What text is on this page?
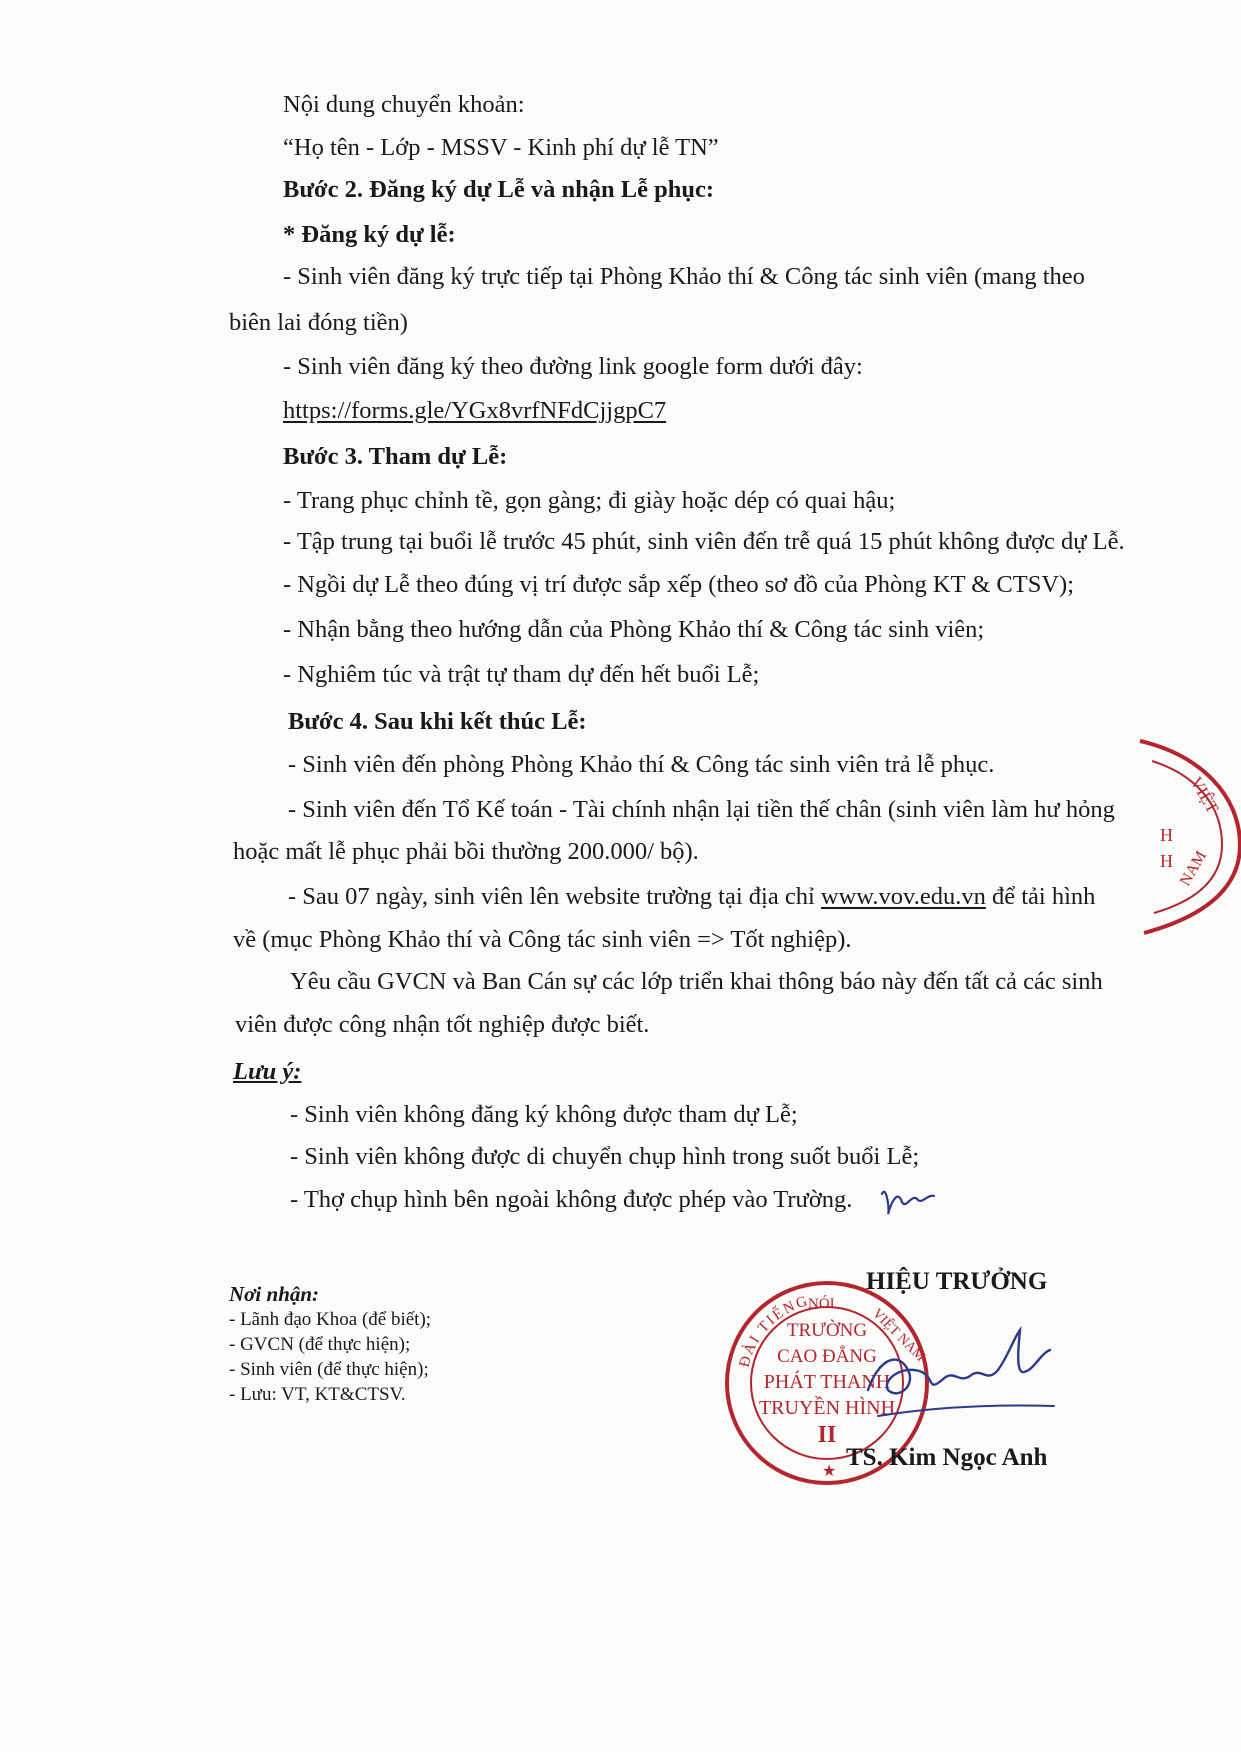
Nội dung chuyển khoản:
“Họ tên - Lớp - MSSV - Kinh phí dự lễ TN”
Bước 2. Đăng ký dự Lễ và nhận Lễ phục:
* Đăng ký dự lễ:
- Sinh viên đăng ký trực tiếp tại Phòng Khảo thí & Công tác sinh viên (mang theo
biên lai đóng tiền)
- Sinh viên đăng ký theo đường link google form dưới đây:
https://forms.gle/YGx8vrfNFdCjjgpC7
Bước 3. Tham dự Lễ:
- Trang phục chỉnh tề, gọn gàng; đi giày hoặc dép có quai hậu;
- Tập trung tại buổi lễ trước 45 phút, sinh viên đến trễ quá 15 phút không được dự Lễ.
- Ngồi dự Lễ theo đúng vị trí được sắp xếp (theo sơ đồ của Phòng KT & CTSV);
- Nhận bằng theo hướng dẫn của Phòng Khảo thí & Công tác sinh viên;
- Nghiêm túc và trật tự tham dự đến hết buổi Lễ;
Bước 4. Sau khi kết thúc Lễ:
- Sinh viên đến phòng Phòng Khảo thí & Công tác sinh viên trả lễ phục.
- Sinh viên đến Tổ Kế toán - Tài chính nhận lại tiền thế chân (sinh viên làm hư hỏng
hoặc mất lễ phục phải bồi thường 200.000/ bộ).
- Sau 07 ngày, sinh viên lên website trường tại địa chỉ www.vov.edu.vn để tải hình
về (mục Phòng Khảo thí và Công tác sinh viên => Tốt nghiệp).
Yêu cầu GVCN và Ban Cán sự các lớp triển khai thông báo này đến tất cả các sinh
viên được công nhận tốt nghiệp được biết.
Lưu ý:
- Sinh viên không đăng ký không được tham dự Lễ;
- Sinh viên không được di chuyển chụp hình trong suốt buổi Lễ;
- Thợ chụp hình bên ngoài không được phép vào Trường.
Nơi nhận:
- Lãnh đạo Khoa (để biết);
- GVCN (để thực hiện);
- Sinh viên (để thực hiện);
- Lưu: VT, KT&CTSV.
VIỆT
H
H NAM
ĐÀI TIẾNG
NÓI
VIỆT NAM
TRƯỜNG
CAO ĐẲNG
PHÁT THANH
TRUYỀN HÌNH
II
★
HIỆU TRƯỞNG
TS. Kim Ngọc Anh
